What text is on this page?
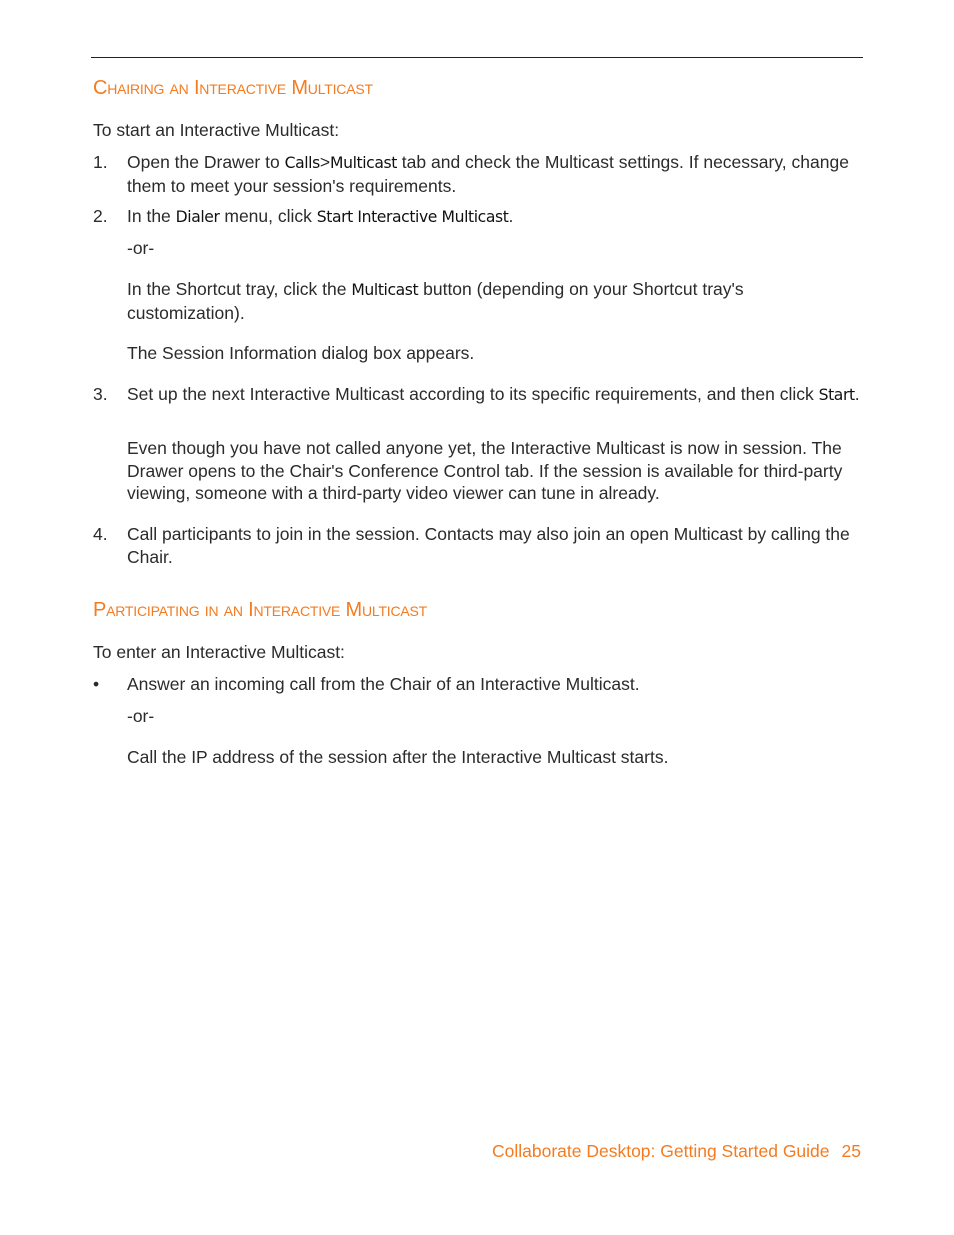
Chairing an Interactive Multicast

To start an Interactive Multicast:

1. Open the Drawer to Calls>Multicast tab and check the Multicast settings. If necessary, change them to meet your session's requirements.

2. In the Dialer menu, click Start Interactive Multicast.

-or-

In the Shortcut tray, click the Multicast button (depending on your Shortcut tray's customization).

The Session Information dialog box appears.

3. Set up the next Interactive Multicast according to its specific requirements, and then click Start.

Even though you have not called anyone yet, the Interactive Multicast is now in session. The Drawer opens to the Chair's Conference Control tab. If the session is available for third-party viewing, someone with a third-party video viewer can tune in already.

4. Call participants to join in the session. Contacts may also join an open Multicast by calling the Chair.

Participating in an Interactive Multicast

To enter an Interactive Multicast:

• Answer an incoming call from the Chair of an Interactive Multicast.

-or-

Call the IP address of the session after the Interactive Multicast starts.

Collaborate Desktop: Getting Started Guide 25
